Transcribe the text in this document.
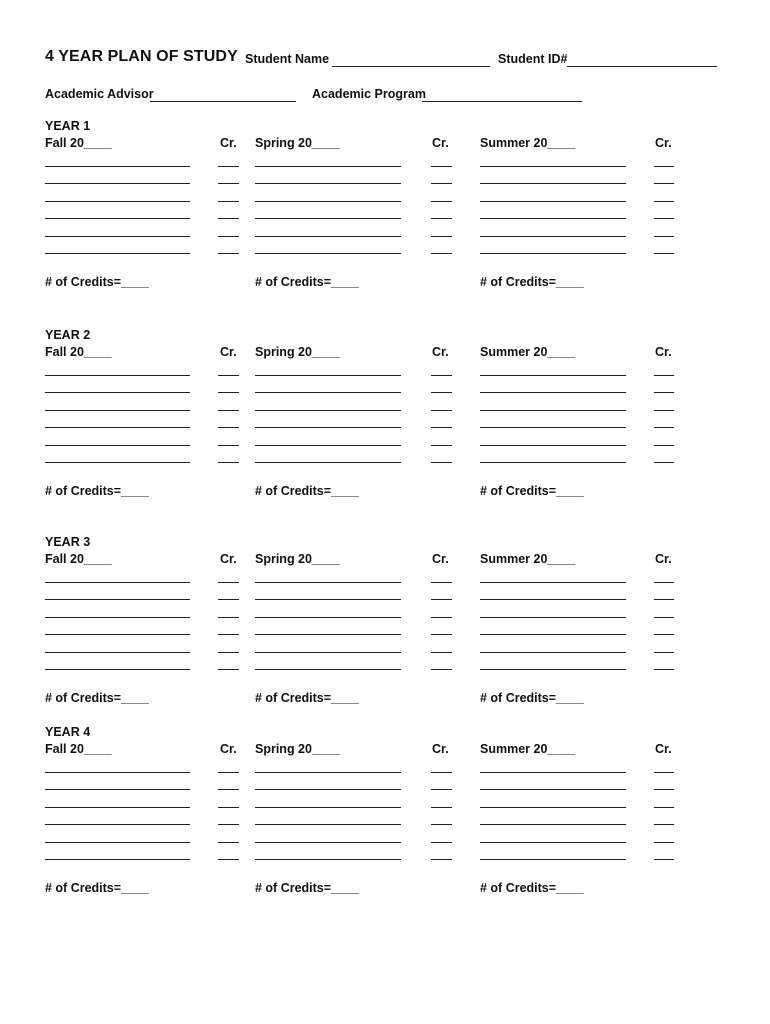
4 YEAR PLAN OF STUDY Student Name	Student ID#
Academic Advisor	Academic Program
YEAR 1
Fall 20____	Cr.
# of Credits=____
Spring 20____	Cr.
# of Credits=____
Summer 20____	Cr.
# of Credits=____
YEAR 2
Fall 20____	Cr.
# of Credits=____
Spring 20____	Cr.
# of Credits=____
Summer 20____	Cr.
# of Credits=____
YEAR 3
Fall 20____	Cr.
# of Credits=____
Spring 20____	Cr.
# of Credits=____
Summer 20____	Cr.
# of Credits=____
YEAR 4
Fall 20____	Cr.
# of Credits=____
Spring 20____	Cr.
# of Credits=____
Summer 20____	Cr.
# of Credits=____
